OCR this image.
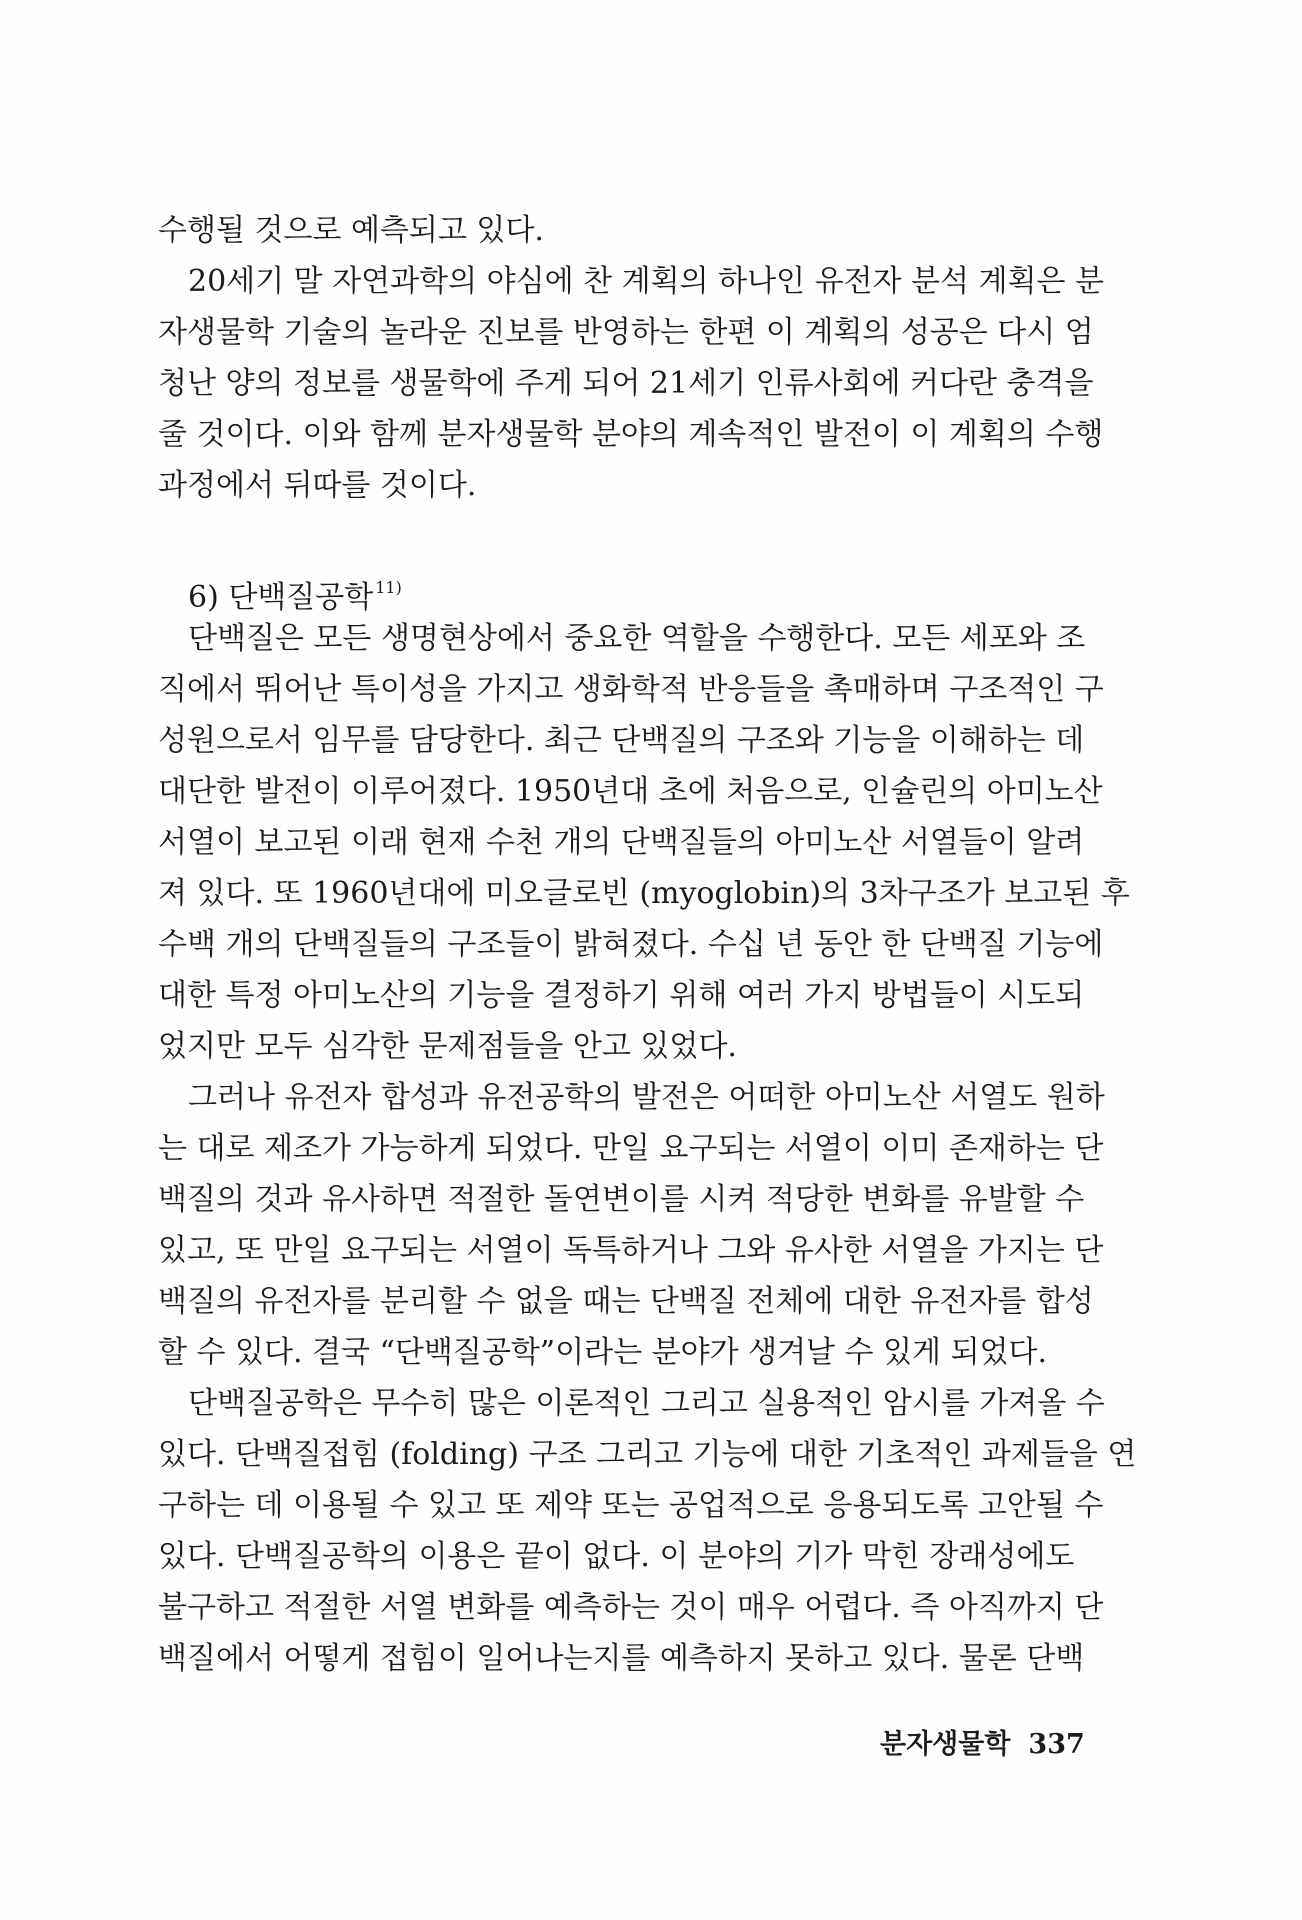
수행될 것으로 예측되고 있다.
20세기 말 자연과학의 야심에 찬 계획의 하나인 유전자 분석 계획은 분
자생물학 기술의 놀라운 진보를 반영하는 한편 이 계획의 성공은 다시 엄
청난 양의 정보를 생물학에 주게 되어 21세기 인류사회에 커다란 충격을
줄 것이다. 이와 함께 분자생물학 분야의 계속적인 발전이 이 계획의 수행
과정에서 뒤따를 것이다.
6) 단백질공학 $^{11)}$
단백질은 모든 생명현상에서 중요한 역할을 수행한다. 모든 세포와 조
직에서 뛰어난 특이성을 가지고 생화학적 반응들을 촉매하며 구조적인 구
성원으로서 임무를 담당한다. 최근 단백질의 구조와 기능을 이해하는 데
대단한 발전이 이루어졌다. 1950년대 초에 처음으로, 인슐린의 아미노산
서열이 보고된 이래 현재 수천 개의 단백질들의 아미노산 서열들이 알려
져 있다. 또 1960년대에 미오글로빈 (myoglobin)의 3차구조가 보고된 후
수백 개의 단백질들의 구조들이 밝혀졌다. 수십 년 동안 한 단백질 기능에
대한 특정 아미노산의 기능을 결정하기 위해 여러 가지 방법들이 시도되
었지만 모두 심각한 문제점들을 안고 있었다.
그러나 유전자 합성과 유전공학의 발전은 어떠한 아미노산 서열도 원하
는 대로 제조가 가능하게 되었다. 만일 요구되는 서열이 이미 존재하는 단
백질의 것과 유사하면 적절한 돌연변이를 시켜 적당한 변화를 유발할 수
있고, 또 만일 요구되는 서열이 독특하거나 그와 유사한 서열을 가지는 단
백질의 유전자를 분리할 수 없을 때는 단백질 전체에 대한 유전자를 합성
할 수 있다. 결국 “단백질공학”이라는 분야가 생겨날 수 있게 되었다.
단백질공학은 무수히 많은 이론적인 그리고 실용적인 암시를 가져올 수
있다. 단백질접힘 (folding) 구조 그리고 기능에 대한 기초적인 과제들을 연
구하는 데 이용될 수 있고 또 제약 또는 공업적으로 응용되도록 고안될 수
있다. 단백질공학의 이용은 끝이 없다. 이 분야의 기가 막힌 장래성에도
불구하고 적절한 서열 변화를 예측하는 것이 매우 어렵다. 즉 아직까지 단
백질에서 어떻게 접힘이 일어나는지를 예측하지 못하고 있다. 물론 단백
분자생물학 337
